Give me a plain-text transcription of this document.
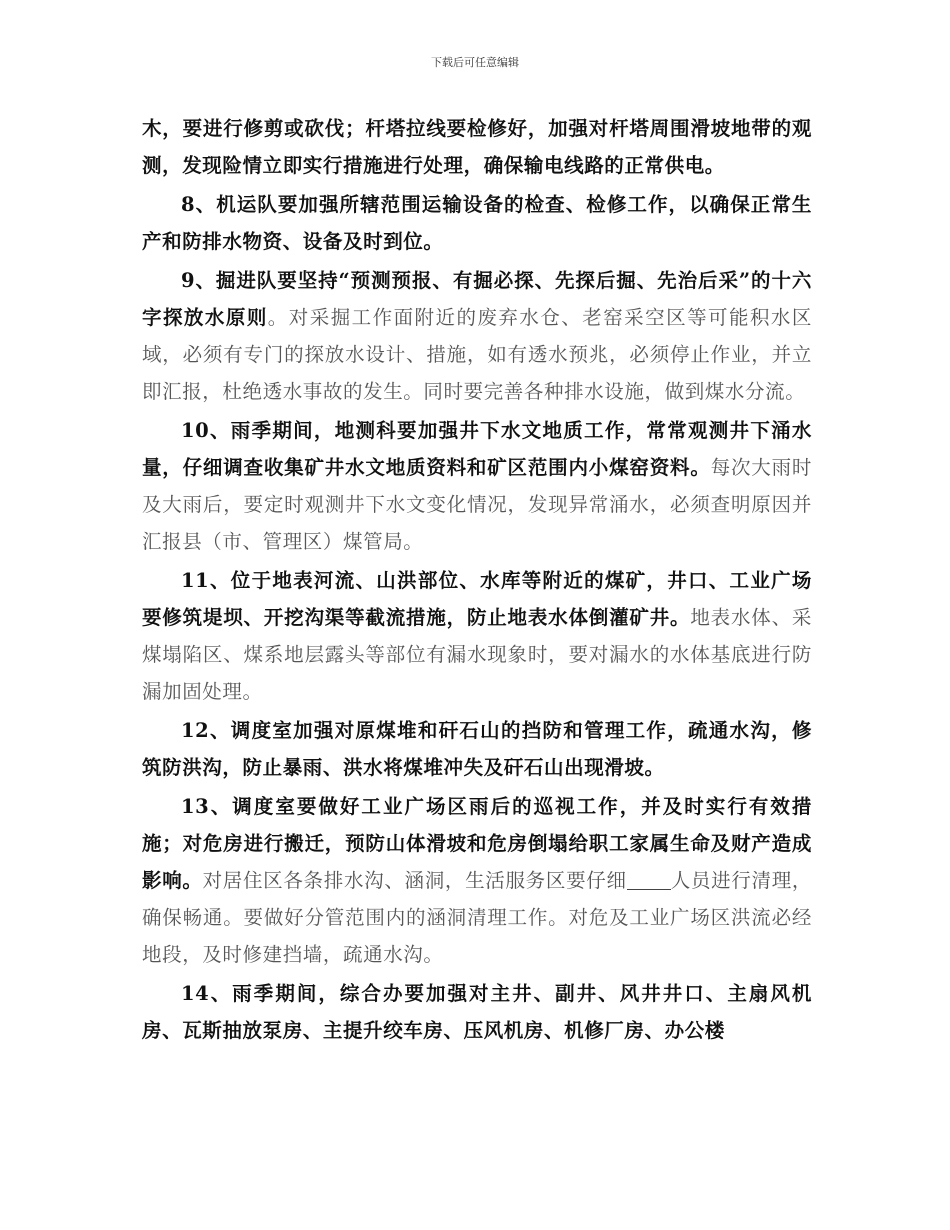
下载后可任意编辑

木，要进行修剪或砍伐；杆塔拉线要检修好，加强对杆塔周围滑坡地带的观测，发现险情立即实行措施进行处理，确保输电线路的正常供电。

8、机运队要加强所辖范围运输设备的检查、检修工作，以确保正常生产和防排水物资、设备及时到位。

9、掘进队要坚持“预测预报、有掘必探、先探后掘、先治后采”的十六字探放水原则。对采掘工作面附近的废弃水仓、老窑采空区等可能积水区域，必须有专门的探放水设计、措施，如有透水预兆，必须停止作业，并立即汇报，杜绝透水事故的发生。同时要完善各种排水设施，做到煤水分流。

10、雨季期间，地测科要加强井下水文地质工作，常常观测井下涌水量，仔细调查收集矿井水文地质资料和矿区范围内小煤窑资料。每次大雨时及大雨后，要定时观测井下水文变化情况，发现异常涌水，必须查明原因并汇报县（市、管理区）煤管局。

11、位于地表河流、山洪部位、水库等附近的煤矿，井口、工业广场要修筑堤坝、开挖沟渠等截流措施，防止地表水体倒灌矿井。地表水体、采煤塌陷区、煤系地层露头等部位有漏水现象时，要对漏水的水体基底进行防漏加固处理。

12、调度室加强对原煤堆和矸石山的挡防和管理工作，疏通水沟，修筑防洪沟，防止暴雨、洪水将煤堆冲失及矸石山出现滑坡。

13、调度室要做好工业广场区雨后的巡视工作，并及时实行有效措施；对危房进行搬迁，预防山体滑坡和危房倒塌给职工家属生命及财产造成影响。对居住区各条排水沟、涵洞，生活服务区要仔细 人员进行清理，确保畅通。要做好分管范围内的涵洞清理工作。对危及工业广场区洪流必经地段，及时修建挡墙，疏通水沟。

14、雨季期间，综合办要加强对主井、副井、风井井口、主扇风机房、瓦斯抽放泵房、主提升绞车房、压风机房、机修厂房、办公楼
